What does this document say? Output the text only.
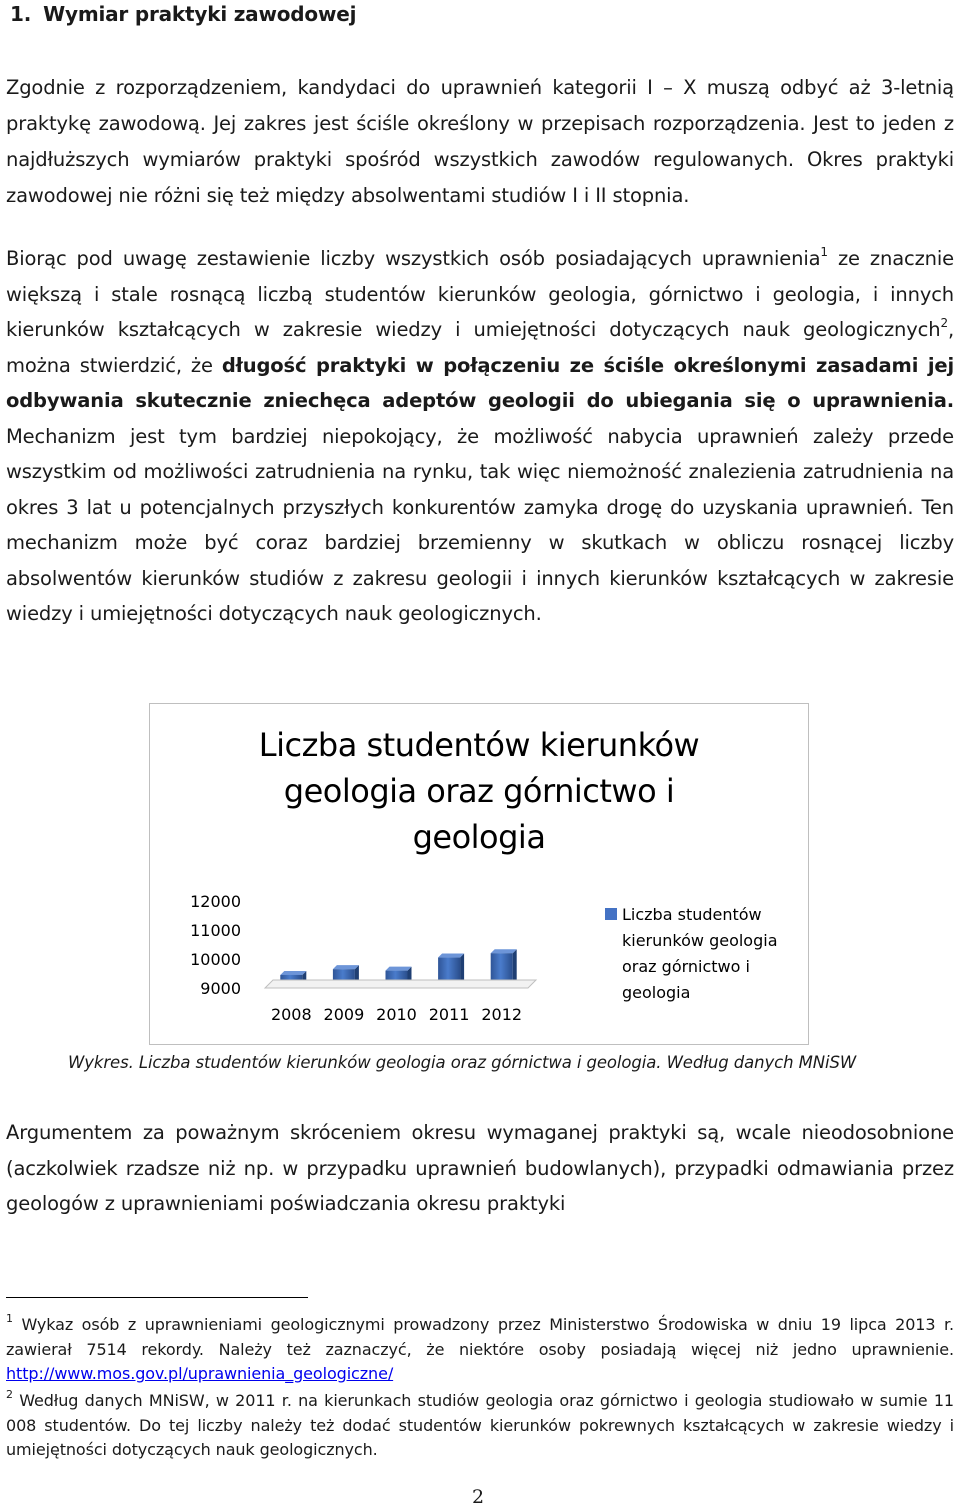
1. Wymiar praktyki zawodowej
Zgodnie z rozporządzeniem, kandydaci do uprawnień kategorii I – X muszą odbyć aż 3-letnią praktykę zawodową. Jej zakres jest ściśle określony w przepisach rozporządzenia. Jest to jeden z najdłuższych wymiarów praktyki spośród wszystkich zawodów regulowanych. Okres praktyki zawodowej nie różni się też między absolwentami studiów I i II stopnia.
Biorąc pod uwagę zestawienie liczby wszystkich osób posiadających uprawnienia$^1$ ze znacznie większą i stale rosnącą liczbą studentów kierunków geologia, górnictwo i geologia, i innych kierunków kształcących w zakresie wiedzy i umiejętności dotyczących nauk geologicznych$^2$, można stwierdzić, że długość praktyki w połączeniu ze ściśle określonymi zasadami jej odbywania skutecznie zniechęca adeptów geologii do ubiegania się o uprawnienia. Mechanizm jest tym bardziej niepokojący, że możliwość nabycia uprawnień zależy przede wszystkim od możliwości zatrudnienia na rynku, tak więc niemożność znalezienia zatrudnienia na okres 3 lat u potencjalnych przyszłych konkurentów zamyka drogę do uzyskania uprawnień. Ten mechanizm może być coraz bardziej brzemienny w skutkach w obliczu rosnącej liczby absolwentów kierunków studiów z zakresu geologii i innych kierunków kształcących w zakresie wiedzy i umiejętności dotyczących nauk geologicznych.
Liczba studentów kierunków
geologia oraz górnictwo i
geologia
12000
11000
10000
9000
2008 2009 2010 2011 2012
Liczba studentów
kierunków geologia
oraz górnictwo i
geologia
Wykres. Liczba studentów kierunków geologia oraz górnictwa i geologia. Według danych MNiSW
Argumentem za poważnym skróceniem okresu wymaganej praktyki są, wcale nieodosobnione (aczkolwiek rzadsze niż np. w przypadku uprawnień budowlanych), przypadki odmawiania przez geologów z uprawnieniami poświadczania okresu praktyki
$^1$ Wykaz osób z uprawnieniami geologicznymi prowadzony przez Ministerstwo Środowiska w dniu 19 lipca 2013 r. zawierał 7514 rekordy. Należy też zaznaczyć, że niektóre osoby posiadają więcej niż jedno uprawnienie. http://www.mos.gov.pl/uprawnienia_geologiczne/
$^2$ Według danych MNiSW, w 2011 r. na kierunkach studiów geologia oraz górnictwo i geologia studiowało w sumie 11 008 studentów. Do tej liczby należy też dodać studentów kierunków pokrewnych kształcących w zakresie wiedzy i umiejętności dotyczących nauk geologicznych.
2
